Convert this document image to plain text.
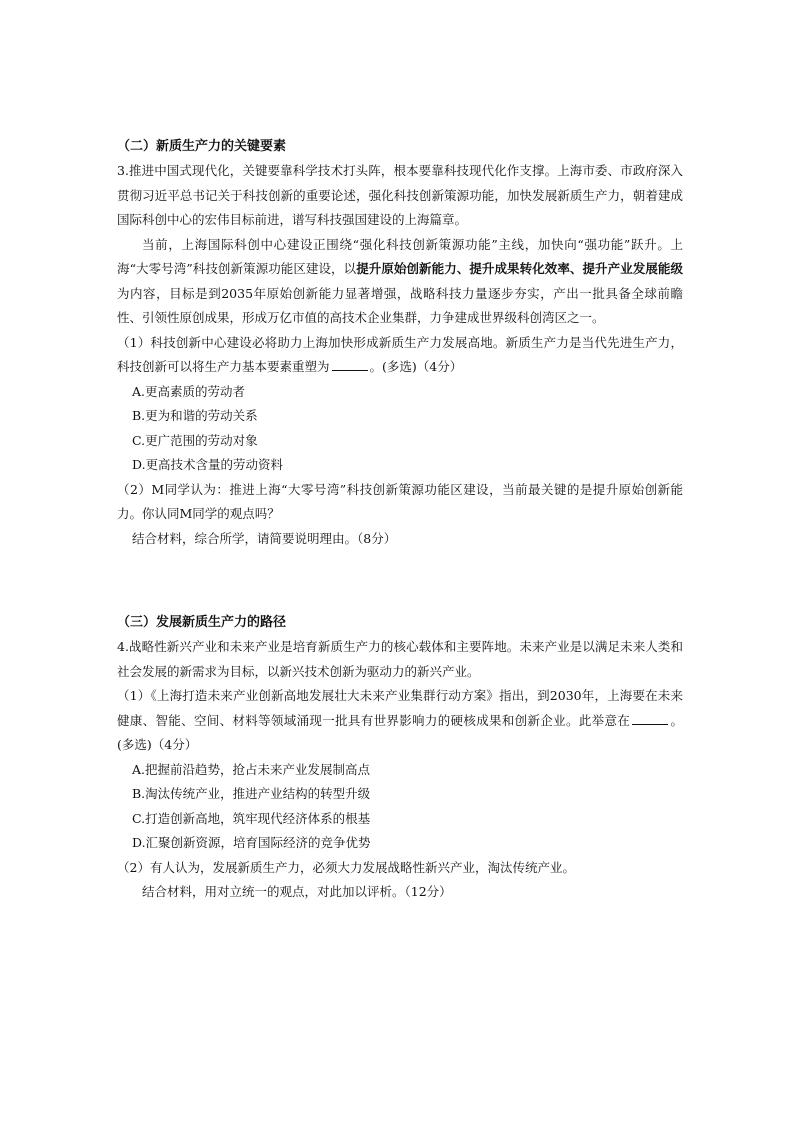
（二）新质生产力的关键要素

3.推进中国式现代化，关键要靠科学技术打头阵，根本要靠科技现代化作支撑。上海市委、市政府深入贯彻习近平总书记关于科技创新的重要论述，强化科技创新策源功能，加快发展新质生产力，朝着建成国际科创中心的宏伟目标前进，谱写科技强国建设的上海篇章。

当前，上海国际科创中心建设正围绕“强化科技创新策源功能”主线，加快向“强功能”跃升。上海“大零号湾”科技创新策源功能区建设，以提升原始创新能力、提升成果转化效率、提升产业发展能级为内容，目标是到2035年原始创新能力显著增强，战略科技力量逐步夯实，产出一批具备全球前瞻性、引领性原创成果，形成万亿市值的高技术企业集群，力争建成世界级科创湾区之一。

（1）科技创新中心建设必将助力上海加快形成新质生产力发展高地。新质生产力是当代先进生产力，科技创新可以将生产力基本要素重塑为	。(多选)（4分）

A.更高素质的劳动者
B.更为和谐的劳动关系
C.更广范围的劳动对象
D.更高技术含量的劳动资料

（2）M同学认为：推进上海“大零号湾”科技创新策源功能区建设，当前最关键的是提升原始创新能力。你认同M同学的观点吗？

结合材料，综合所学，请简要说明理由。（8分）

（三）发展新质生产力的路径

4.战略性新兴产业和未来产业是培育新质生产力的核心载体和主要阵地。未来产业是以满足未来人类和社会发展的新需求为目标，以新兴技术创新为驱动力的新兴产业。

（1）《上海打造未来产业创新高地发展壮大未来产业集群行动方案》指出，到2030年，上海要在未来健康、智能、空间、材料等领域涌现一批具有世界影响力的硬核成果和创新企业。此举意在	。(多选)（4分）

A.把握前沿趋势，抢占未来产业发展制高点
B.淘汰传统产业，推进产业结构的转型升级
C.打造创新高地，筑牢现代经济体系的根基
D.汇聚创新资源，培育国际经济的竞争优势

（2）有人认为，发展新质生产力，必须大力发展战略性新兴产业，淘汰传统产业。

结合材料，用对立统一的观点，对此加以评析。（12分）
